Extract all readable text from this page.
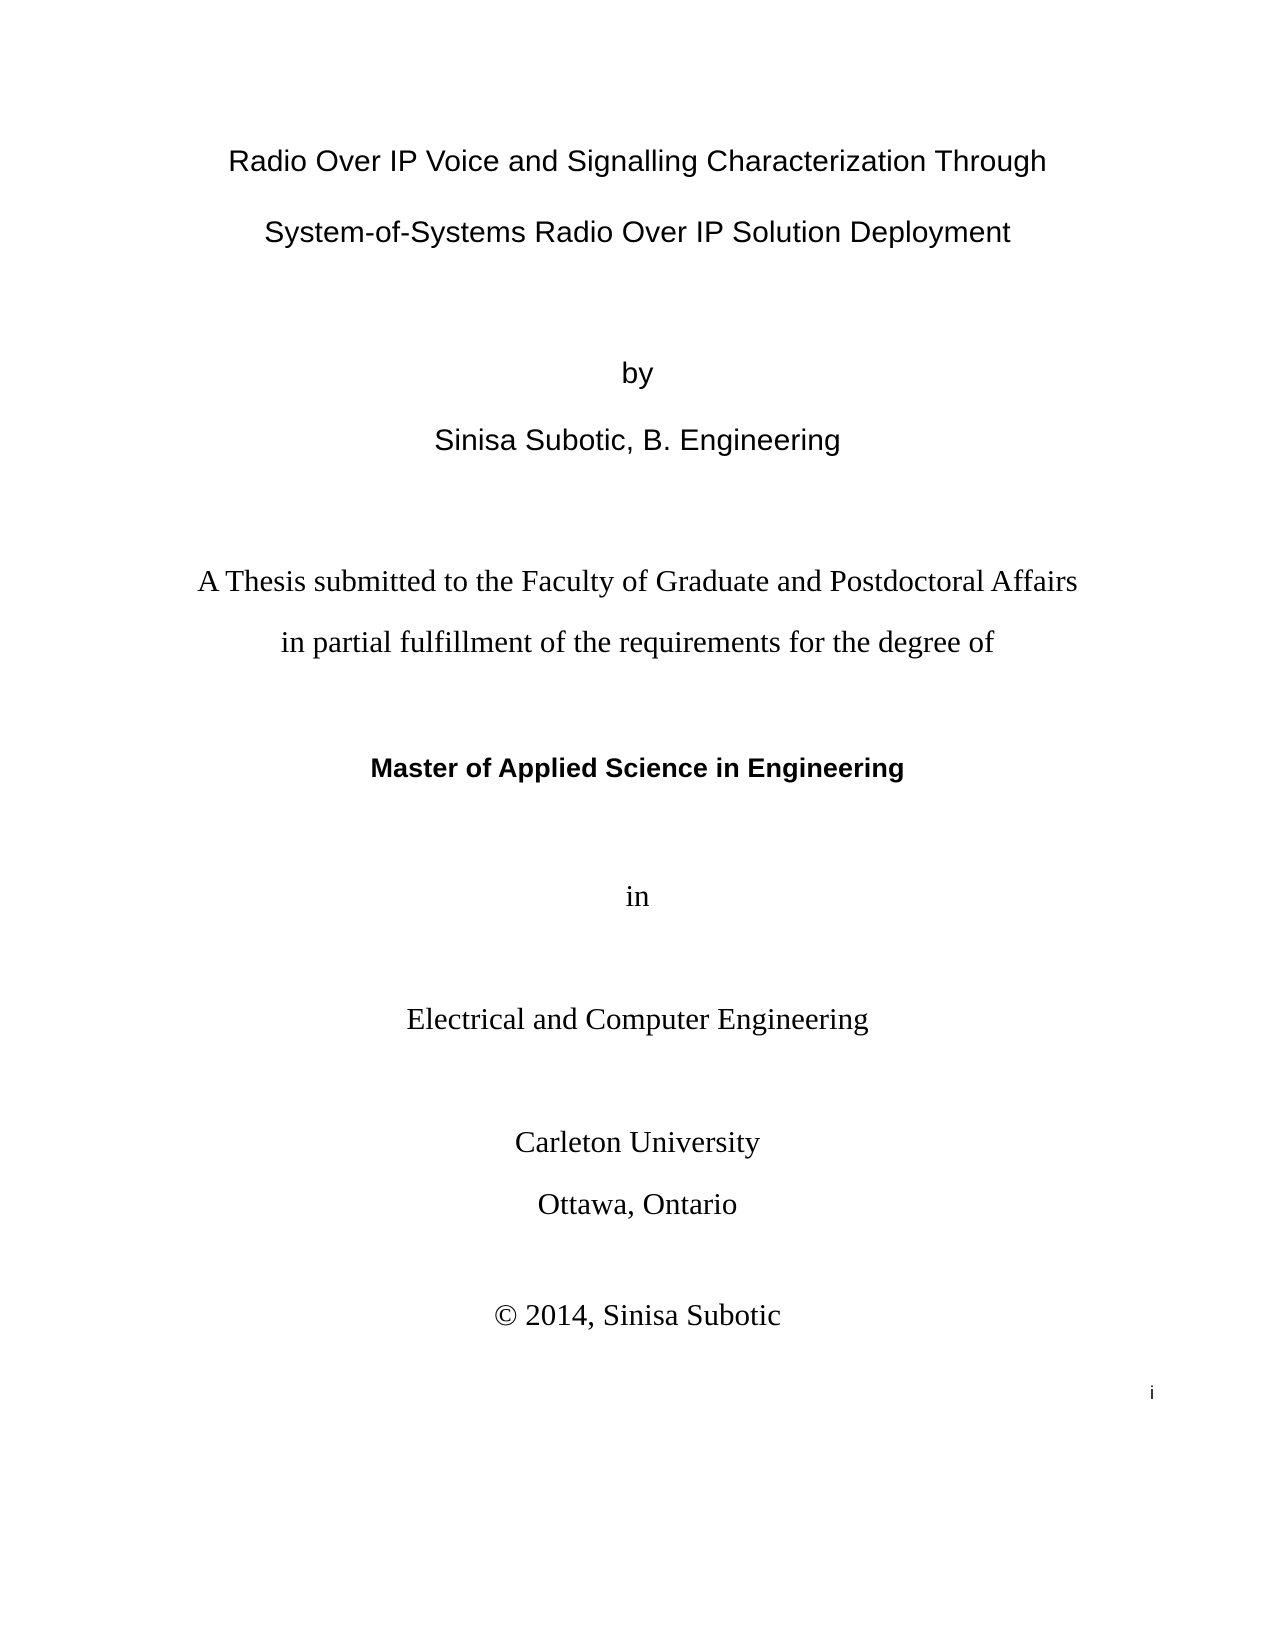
Radio Over IP Voice and Signalling Characterization Through

System-of-Systems Radio Over IP Solution Deployment

by

Sinisa Subotic, B. Engineering

A Thesis submitted to the Faculty of Graduate and Postdoctoral Affairs

in partial fulfillment of the requirements for the degree of

Master of Applied Science in Engineering

in

Electrical and Computer Engineering

Carleton University

Ottawa, Ontario

© 2014, Sinisa Subotic

i
